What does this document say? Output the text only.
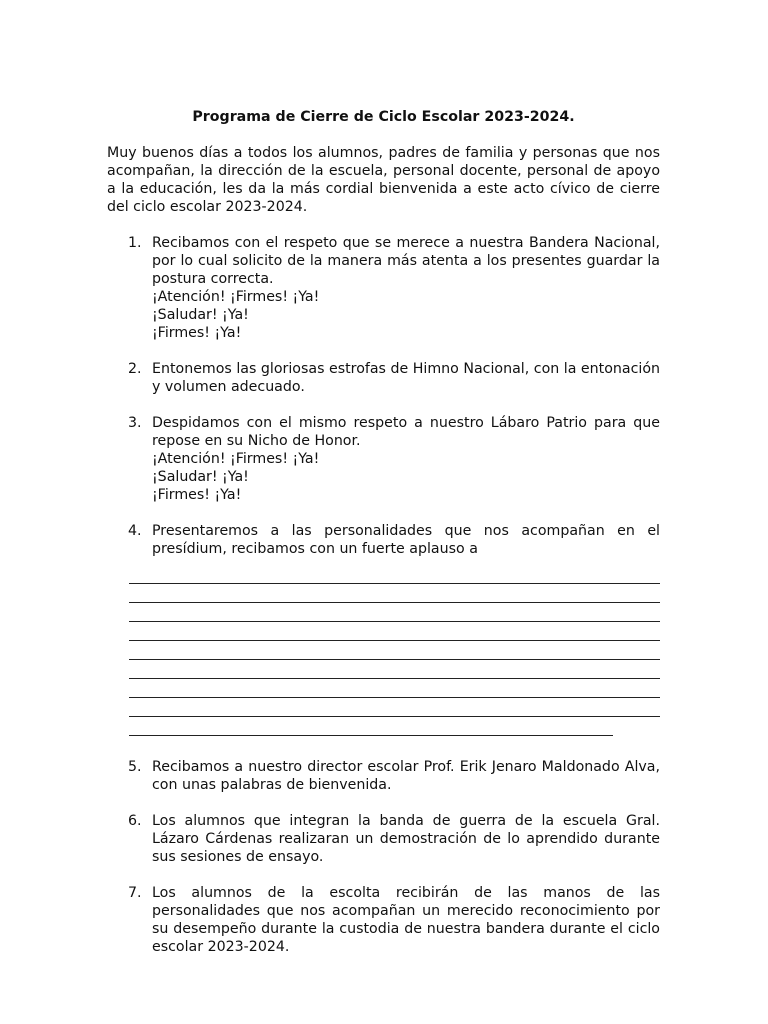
Programa de Cierre de Ciclo Escolar 2023-2024.

Muy buenos días a todos los alumnos, padres de familia y personas que nos acompañan, la dirección de la escuela, personal docente, personal de apoyo a la educación, les da la más cordial bienvenida a este acto cívico de cierre del ciclo escolar 2023-2024.

1. Recibamos con el respeto que se merece a nuestra Bandera Nacional, por lo cual solicito de la manera más atenta a los presentes guardar la postura correcta.
¡Atención! ¡Firmes! ¡Ya!
¡Saludar! ¡Ya!
¡Firmes! ¡Ya!
2. Entonemos las gloriosas estrofas de Himno Nacional, con la entonación y volumen adecuado.
3. Despidamos con el mismo respeto a nuestro Lábaro Patrio para que repose en su Nicho de Honor.
¡Atención! ¡Firmes! ¡Ya!
¡Saludar! ¡Ya!
¡Firmes! ¡Ya!
4. Presentaremos a las personalidades que nos acompañan en el
presídium, recibamos con un fuerte aplauso a
5. Recibamos a nuestro director escolar Prof. Erik Jenaro Maldonado Alva, con unas palabras de bienvenida.
6. Los alumnos que integran la banda de guerra de la escuela Gral. Lázaro Cárdenas realizaran un demostración de lo aprendido durante sus sesiones de ensayo.
7. Los alumnos de la escolta recibirán de las manos de las personalidades que nos acompañan un merecido reconocimiento por su desempeño durante la custodia de nuestra bandera durante el ciclo escolar 2023-2024.
